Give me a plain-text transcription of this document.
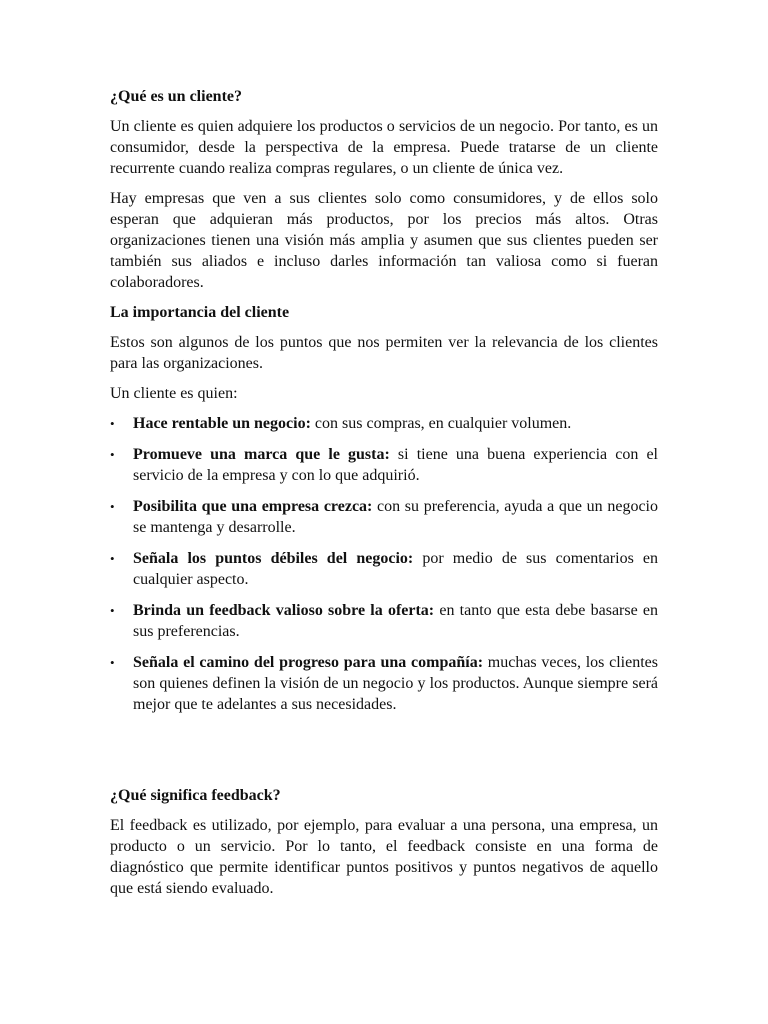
¿Qué es un cliente?

Un cliente es quien adquiere los productos o servicios de un negocio. Por tanto, es un consumidor, desde la perspectiva de la empresa. Puede tratarse de un cliente recurrente cuando realiza compras regulares, o un cliente de única vez.

Hay empresas que ven a sus clientes solo como consumidores, y de ellos solo esperan que adquieran más productos, por los precios más altos. Otras organizaciones tienen una visión más amplia y asumen que sus clientes pueden ser también sus aliados e incluso darles información tan valiosa como si fueran colaboradores.

La importancia del cliente

Estos son algunos de los puntos que nos permiten ver la relevancia de los clientes para las organizaciones.

Un cliente es quien:

• Hace rentable un negocio: con sus compras, en cualquier volumen.
• Promueve una marca que le gusta: si tiene una buena experiencia con el servicio de la empresa y con lo que adquirió.
• Posibilita que una empresa crezca: con su preferencia, ayuda a que un negocio se mantenga y desarrolle.
• Señala los puntos débiles del negocio: por medio de sus comentarios en cualquier aspecto.
• Brinda un feedback valioso sobre la oferta: en tanto que esta debe basarse en sus preferencias.
• Señala el camino del progreso para una compañía: muchas veces, los clientes son quienes definen la visión de un negocio y los productos. Aunque siempre será mejor que te adelantes a sus necesidades.
¿Qué significa feedback?

El feedback es utilizado, por ejemplo, para evaluar a una persona, una empresa, un producto o un servicio. Por lo tanto, el feedback consiste en una forma de diagnóstico que permite identificar puntos positivos y puntos negativos de aquello que está siendo evaluado.
